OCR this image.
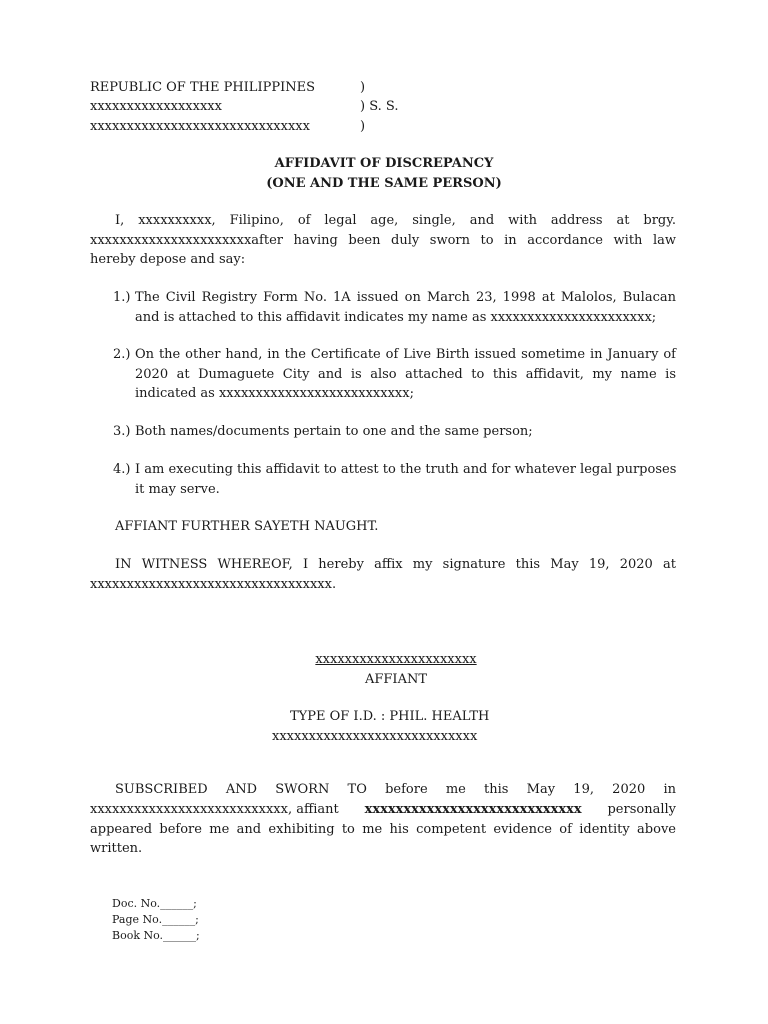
REPUBLIC OF THE PHILIPPINES
xxxxxxxxxxxxxxxxxx
xxxxxxxxxxxxxxxxxxxxxxxxxxxxxx
)
) S. S.
)
AFFIDAVIT OF DISCREPANCY
(ONE AND THE SAME PERSON)
I, xxxxxxxxxx, Filipino, of legal age, single, and with address at brgy.
xxxxxxxxxxxxxxxxxxxxxxafter having been duly sworn to in accordance with law
hereby depose and say:
1.) The Civil Registry Form No. 1A issued on March 23, 1998 at Malolos, Bulacan
and is attached to this affidavit indicates my name as xxxxxxxxxxxxxxxxxxxxxx;
2.) On the other hand, in the Certificate of Live Birth issued sometime in January of
2020 at Dumaguete City and is also attached to this affidavit, my name is
indicated as xxxxxxxxxxxxxxxxxxxxxxxxxx;
3.) Both names/documents pertain to one and the same person;
4.) I am executing this affidavit to attest to the truth and for whatever legal purposes
it may serve.
AFFIANT FURTHER SAYETH NAUGHT.
IN WITNESS WHEREOF, I hereby affix my signature this May 19, 2020 at
xxxxxxxxxxxxxxxxxxxxxxxxxxxxxxxxx.
xxxxxxxxxxxxxxxxxxxxxx
AFFIANT
TYPE OF I.D. : PHIL. HEALTH
xxxxxxxxxxxxxxxxxxxxxxxxxxxx
SUBSCRIBED AND SWORN TO before me this May 19, 2020 in
xxxxxxxxxxxxxxxxxxxxxxxxxxx, affiant xxxxxxxxxxxxxxxxxxxxxxxxxxxx personally
appeared before me and exhibiting to me his competent evidence of identity above
written.
Doc. No.______;
Page No.______;
Book No.______;
